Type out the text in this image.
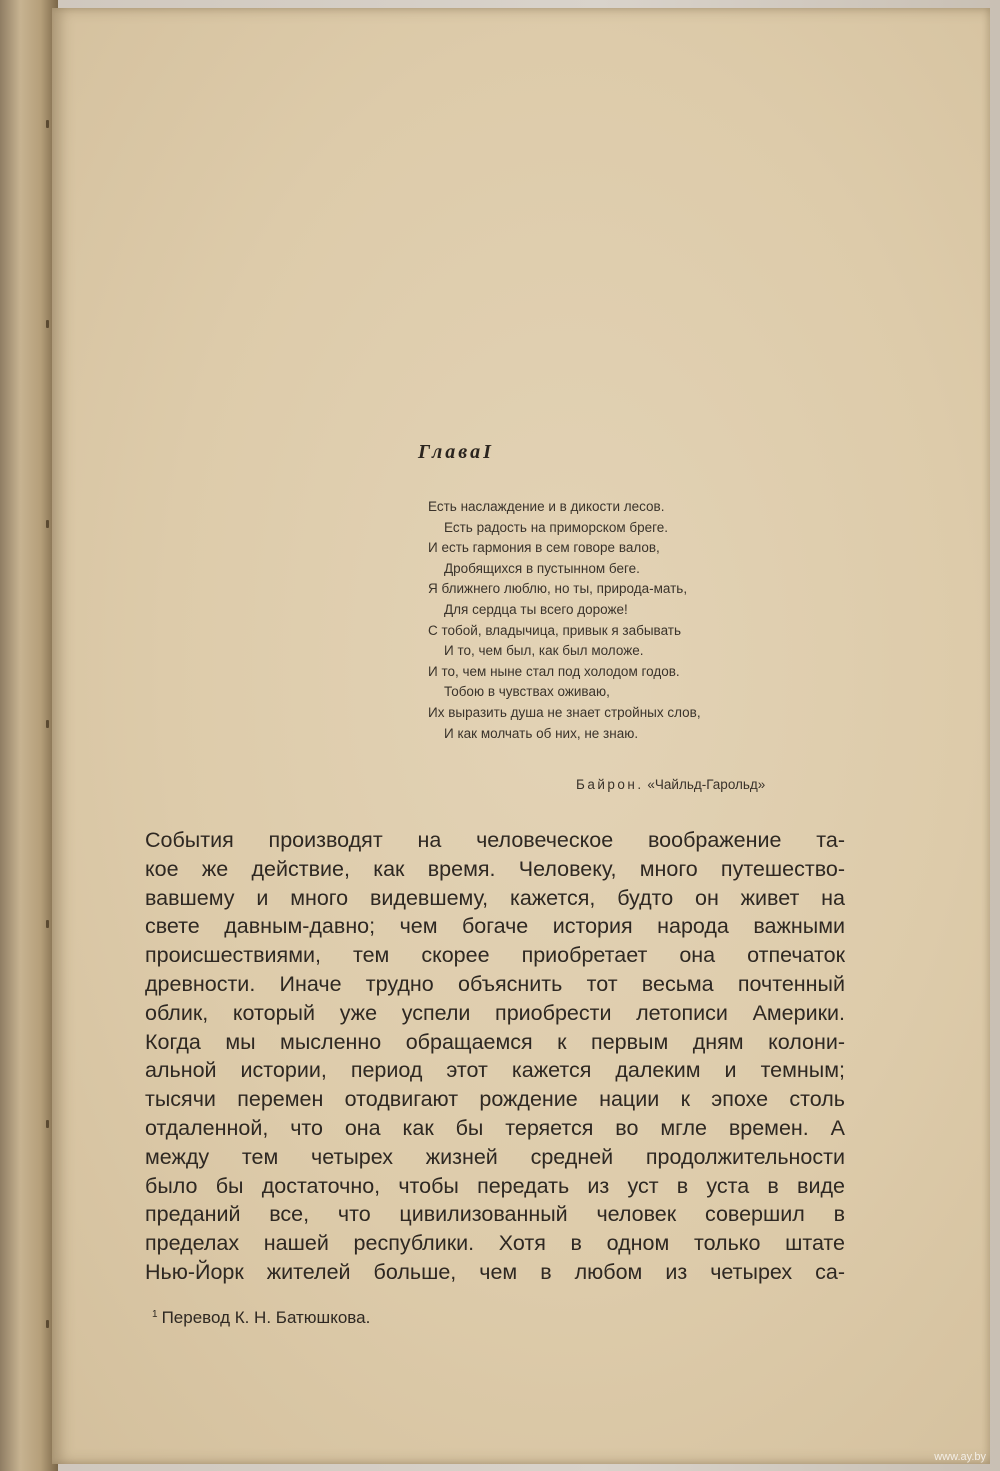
ГлаваI
Есть наслаждение и в дикости лесов.
Есть радость на приморском бреге.
И есть гармония в сем говоре валов,
Дробящихся в пустынном беге.
Я ближнего люблю, но ты, природа-мать,
Для сердца ты всего дороже!
С тобой, владычица, привык я забывать
И то, чем был, как был моложе.
И то, чем ныне стал под холодом годов.
Тобою в чувствах оживаю,
Их выразить душа не знает стройных слов,
И как молчать об них, не знаю.
Байрон. «Чайльд-Гарольд»
События производят на человеческое воображение та-
кое же действие, как время. Человеку, много путешество-
вавшему и много видевшему, кажется, будто он живет на
свете давным-давно; чем богаче история народа важными
происшествиями, тем скорее приобретает она отпечаток
древности. Иначе трудно объяснить тот весьма почтенный
облик, который уже успели приобрести летописи Америки.
Когда мы мысленно обращаемся к первым дням колони-
альной истории, период этот кажется далеким и темным;
тысячи перемен отодвигают рождение нации к эпохе столь
отдаленной, что она как бы теряется во мгле времен. А
между тем четырех жизней средней продолжительности
было бы достаточно, чтобы передать из уст в уста в виде
преданий все, что цивилизованный человек совершил в
пределах нашей республики. Хотя в одном только штате
Нью-Йорк жителей больше, чем в любом из четырех са-
$^1$ Перевод К. Н. Батюшкова.
www.ay.by
